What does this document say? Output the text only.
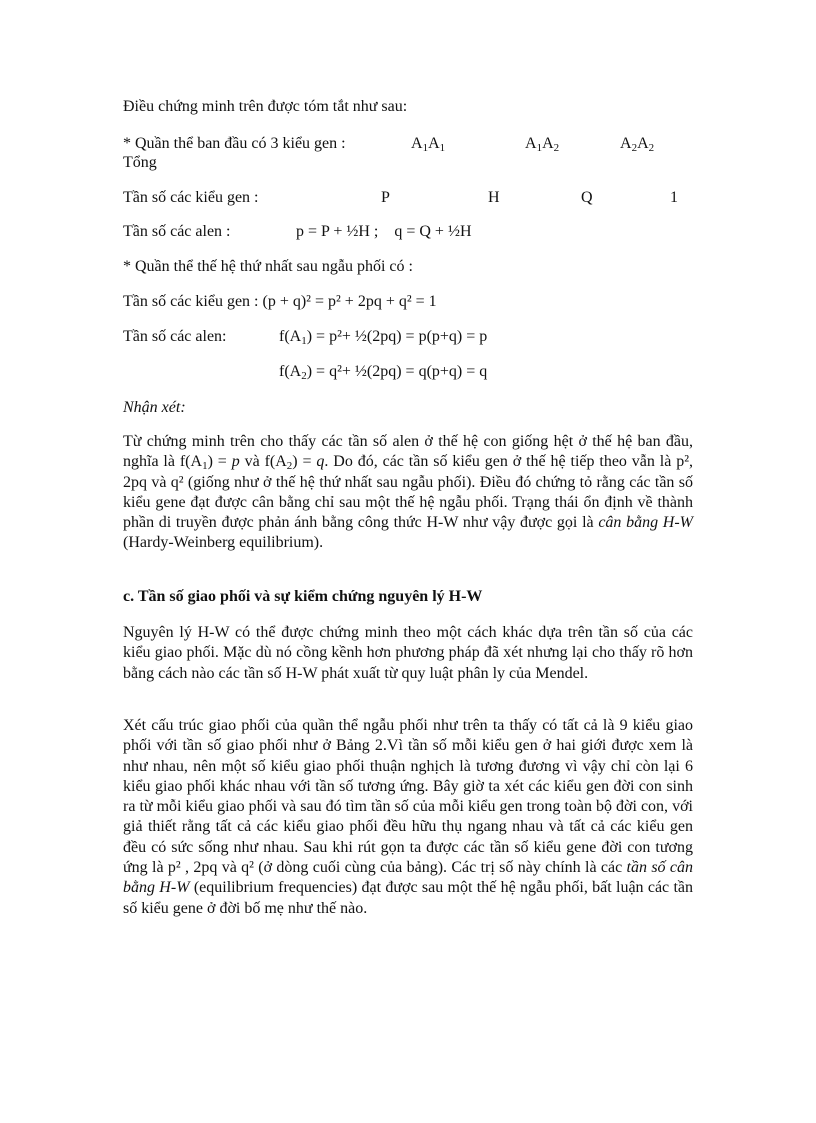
Điều chứng minh trên được tóm tắt như sau:
* Quần thể ban đầu có 3 kiểu gen :	$A_1A_1$	$A_1A_2$	$A_2A_2$
Tổng
Tần số các kiểu gen :	P	H	Q	1
Tần số các alen :	p = P + ½H ;    q = Q + ½H
* Quần thể thế hệ thứ nhất sau ngẫu phối có :
Tần số các kiểu gen : (p + q)² = p² + 2pq + q² = 1
Tần số các alen:	$f(A_1) = p^2+$ ½(2pq) = p(p+q) = p
$f(A_2) = q^2+$ ½(2pq) = q(p+q) = q
Nhận xét:
Từ chứng minh trên cho thấy các tần số alen ở thế hệ con giống hệt ở thế hệ ban đầu, nghĩa là $f(A_1) = p$ và $f(A_2) = q$. Do đó, các tần số kiểu gen ở thế hệ tiếp theo vẫn là p², 2pq và q² (giống như ở thế hệ thứ nhất sau ngẫu phối). Điều đó chứng tỏ rằng các tần số kiểu gene đạt được cân bằng chỉ sau một thế hệ ngẫu phối. Trạng thái ổn định về thành phần di truyền được phản ánh bằng công thức H-W như vậy được gọi là cân bằng H-W (Hardy-Weinberg equilibrium).
c. Tần số giao phối và sự kiểm chứng nguyên lý H-W
Nguyên lý H-W có thể được chứng minh theo một cách khác dựa trên tần số của các kiểu giao phối. Mặc dù nó cồng kềnh hơn phương pháp đã xét nhưng lại cho thấy rõ hơn bằng cách nào các tần số H-W phát xuất từ quy luật phân ly của Mendel.
Xét cấu trúc giao phối của quần thể ngẫu phối như trên ta thấy có tất cả là 9 kiểu giao phối với tần số giao phối như ở Bảng 2.Vì tần số mỗi kiểu gen ở hai giới được xem là như nhau, nên một số kiểu giao phối thuận nghịch là tương đương vì vậy chỉ còn lại 6 kiểu giao phối khác nhau với tần số tương ứng. Bây giờ ta xét các kiểu gen đời con sinh ra từ mỗi kiểu giao phối và sau đó tìm tần số của mỗi kiểu gen trong toàn bộ đời con, với giả thiết rằng tất cả các kiểu giao phối đều hữu thụ ngang nhau và tất cả các kiểu gen đều có sức sống như nhau. Sau khi rút gọn ta được các tần số kiểu gene đời con tương ứng là p² , 2pq và q² (ở dòng cuối cùng của bảng). Các trị số này chính là các tần số cân bằng H-W (equilibrium frequencies) đạt được sau một thế hệ ngẫu phối, bất luận các tần số kiểu gene ở đời bố mẹ như thế nào.
